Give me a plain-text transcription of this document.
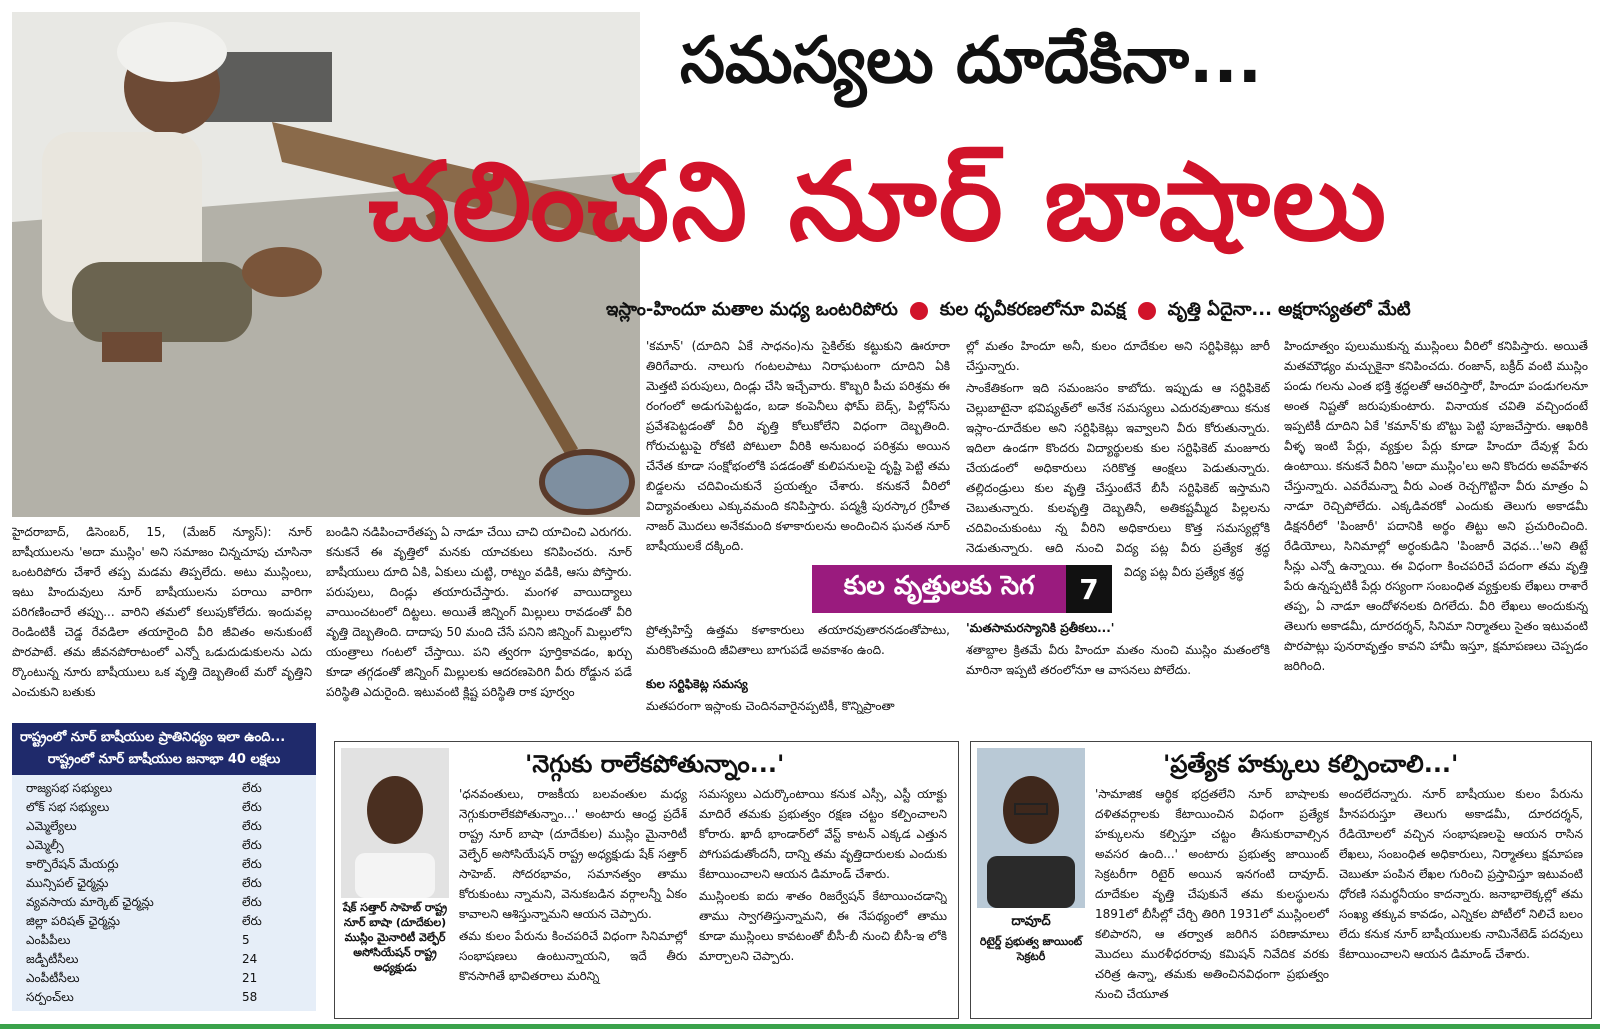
సమస్యలు దూదేకినా...
చలించని నూర్ బాషాలు
ఇస్లాం-హిందూ మతాల మధ్య ఒంటరిపోరు కుల ధృవీకరణలోనూ వివక్ష వృత్తి ఏదైనా... అక్షరాస్యతలో మేటి

హైదరాబాద్, డిసెంబర్, 15, (మేజర్ న్యూస్): నూర్ బాషీయులను 'అదా ముస్లిం' అని సమాజం చిన్నచూపు చూసినా ఒంటరిపోరు చేశారే తప్ప మడమ తిప్పలేదు. అటు ముస్లింలు, ఇటు హిందువులు నూర్ బాషీయులను పరాయి వారిగా పరిగణించారే తప్పు... వారిని తమలో కలుపుకోలేదు. ఇందువల్ల రెండింటికీ చెడ్డ రేవడిలా తయారైంది వీరి జీవితం అనుకుంటే పొరపాటే. తమ జీవనపోరాటంలో ఎన్నో ఒడుదుడుకులను ఎదు ర్కొంటున్న నూరు బాషీయులు ఒక వృత్తి దెబ్బతింటే మరో వృత్తిని ఎంచుకుని బతుకు

బండిని నడిపించారేతప్ప ఏ నాడూ చేయి చాచి యాచించి ఎరుగరు. కనుకనే ఈ వృత్తిలో మనకు యాచకులు కనిపించరు. నూర్ బాషీయులు దూది ఏకి, ఏకులు చుట్టి, రాట్నం వడికి, ఆసు పోస్తారు. పరుపులు, దిండ్లు తయారుచేస్తారు. మంగళ వాయిద్యాలు వాయించటంలో దిట్టలు. అయితే జిన్నింగ్ మిల్లులు రావడంతో వీరి వృత్తి దెబ్బతింది. దాదాపు 50 మంది చేసే పనిని జిన్నింగ్ మిల్లులోని యంత్రాలు గంటలో చేస్తాయి. పని త్వరగా పూర్తికావడం, ఖర్చు కూడా తగ్గడంతో జిన్నింగ్ మిల్లులకు ఆదరణపెరిగి వీరు రోడ్డున పడే పరిస్థితి ఎదురైంది. ఇటువంటి క్లిష్ట పరిస్థితి రాక పూర్వం

'కమాన్' (దూదిని ఏకే సాధనం)ను సైకిల్‌కు కట్టుకుని ఊరూరా తిరిగేవారు. నాలుగు గంటలపాటు నిరాఘటంగా దూదిని ఏకి మెత్తటి పరుపులు, దిండ్లు చేసి ఇచ్చేవారు. కొబ్బరి పీచు పరిశ్రమ ఈ రంగంలో అడుగుపెట్టడం, బడా కంపెనీలు ఫోమ్ బెడ్స్, పిల్లోస్‌ను ప్రవేశపెట్టడంతో వీరి వృత్తి కోలుకోలేని విధంగా దెబ్బతింది. గోరుచుట్టుపై రోకటి పోటులా వీరికి అనుబంధ పరిశ్రమ అయిన చేనేత కూడా సంక్షోభంలోకి పడడంతో కులిపనులపై దృష్టి పెట్టి తమ బిడ్డలను చదివించుకునే ప్రయత్నం చేశారు. కనుకనే వీరిలో విద్యావంతులు ఎక్కువమంది కనిపిస్తారు. పద్మశ్రీ పురస్కార గ్రహీత నాజర్ మొదలు అనేకమంది కళాకారులను అందించిన ఘనత నూర్ బాషీయులకే దక్కింది.

ప్రోత్సహిస్తే ఉత్తమ కళాకారులు తయారవుతారనడంతోపాటు, మరికొంతమంది జీవితాలు బాగుపడే అవకాశం ఉంది.

కుల సర్టిఫికెట్ల సమస్య

మతపరంగా ఇస్లాంకు చెందినవారైనప్పటికీ, కొన్నిప్రాంతా

ల్లో మతం హిందూ అనీ, కులం దూదేకుల అని సర్టిఫికెట్లు జారీ చేస్తున్నారు.

సాంకేతికంగా ఇది సమంజసం కాబోదు. ఇప్పుడు ఆ సర్టిఫికెట్ చెల్లుబాటైనా భవిష్యత్‌లో అనేక సమస్యలు ఎదురవుతాయి కనుక ఇస్లాం-దూదేకుల అని సర్టిఫికెట్లు ఇవ్వాలని వీరు కోరుతున్నారు. ఇదిలా ఉండగా కొందరు విద్యార్థులకు కుల సర్టిఫికెట్ మంజూరు చేయడంలో అధికారులు సరికొత్త ఆంక్షలు పెడుతున్నారు. తల్లిదండ్రులు కుల వృత్తి చేస్తుంటేనే బీసీ సర్టిఫికెట్ ఇస్తామని చెబుతున్నారు. కులవృత్తి దెబ్బతినీ, అతికష్టమ్మీద పిల్లలను చదివించుకుంటు న్న వీరిని అధికారులు కొత్త సమస్యల్లోకి నెడుతున్నారు. ఆది నుంచి విద్య పట్ల వీరు ప్రత్యేక శ్రద్ధ

విద్య పట్ల వీరు ప్రత్యేక శ్రద్ధ

'మతసామరస్యానికి ప్రతీకలు...'

శతాబ్దాల క్రితమే వీరు హిందూ మతం నుంచి ముస్లిం మతంలోకి మారినా ఇప్పటి తరంలోనూ ఆ వాసనలు పోలేదు.

హిందూత్వం పులుముకున్న ముస్లింలు వీరిలో కనిపిస్తారు. అయితే మతమౌఢ్యం మచ్చుకైనా కనిపించదు. రంజాన్, బక్రీద్ వంటి ముస్లిం పండు గలను ఎంత భక్తి శ్రద్ధలతో ఆచరిస్తారో, హిందూ పండుగలనూ అంత నిష్టతో జరుపుకుంటారు. వినాయక చవితి వచ్చిందంటే ఇప్పటికీ దూదిని ఏకే 'కమాన్'కు బొట్టు పెట్టి పూజచేస్తారు. ఆఖరికి వీళ్ళ ఇంటి పేర్లు, వ్యక్తుల పేర్లు కూడా హిందూ దేవుళ్ల పేరు ఉంటాయి. కనుకనే వీరిని 'అదా ముస్లిం'లు అని కొందరు అవహేళన చేస్తున్నారు. ఎవరేమన్నా వీరు ఎంత రెచ్చగొట్టినా వీరు మాత్రం ఏ నాడూ రెచ్చిపోలేదు. ఎక్కడివరకో ఎందుకు తెలుగు అకాడమీ డిక్షనరీలో 'పింజారీ' పదానికి అర్థం తిట్టు అని ప్రచురించింది. రేడియోలు, సినిమాల్లో అర్ధంకుడిని 'పింజారీ వెధవ...'అని తిట్టే సీన్లు ఎన్నో ఉన్నాయి. ఈ విధంగా కించపరిచే పదంగా తమ వృత్తి పేరు ఉన్నప్పటికీ పేర్లు రస్యంగా సంబంధిత వ్యక్తులకు లేఖలు రాశారే తప్ప, ఏ నాడూ ఆందోళనలకు దిగలేదు. వీరి లేఖలు అందుకున్న తెలుగు అకాడమీ, దూరదర్శన్, సినిమా నిర్మాతలు సైతం ఇటువంటి పొరపాట్లు పునరావృత్తం కావని హామీ ఇస్తూ, క్షమాపణలు చెప్పడం జరిగింది.

కుల వృత్తులకు సెగ	7
రాష్ట్రంలో నూర్ బాషీయుల ప్రాతినిధ్యం ఇలా ఉంది...
రాష్ట్రంలో నూర్ బాషీయుల జనాభా 40 లక్షలు
రాజ్యసభ సభ్యులు	లేరు
లోక్ సభ సభ్యులు	లేరు
ఎమ్మెల్యేలు	లేరు
ఎమ్మెల్సీ	లేరు
కార్పొరేషన్ మేయర్లు	లేరు
మున్సిపల్ ఛైర్మన్లు	లేరు
వ్యవసాయ మార్కెట్ ఛైర్మన్లు	లేరు
జిల్లా పరిషత్ ఛైర్మన్లు	లేరు
ఎంపీపీలు	5
జడ్పీటీసీలు	24
ఎంపీటీసీలు	21
సర్పంచ్‌లు	58
'నెగ్గుకు రాలేకపోతున్నాం...'
షేక్ సత్తార్ సాహెబ్ రాష్ట్ర నూర్ బాషా (దూదేకుల) ముస్లిం మైనారిటీ వెల్ఫేర్ అసోసియేషన్ రాష్ట్ర అధ్యక్షుడు

'ధనవంతులు, రాజకీయ బలవంతుల మధ్య నెగ్గుకురాలేకపోతున్నాం...' అంటారు ఆంధ్ర ప్రదేశ్ రాష్ట్ర నూర్ బాషా (దూదేకుల) ముస్లిం మైనారిటీ వెల్ఫేర్ అసోసియేషన్ రాష్ట్ర అధ్యక్షుడు షేక్ సత్తార్ సాహెబ్. సోదరభావం, సమానత్వం తాము కోరుకుంటు న్నామని, వెనుకబడిన వర్గాలన్నీ ఏకం కావాలని ఆశిస్తున్నామని ఆయన చెప్పారు.

తమ కులం పేరును కించపరిచే విధంగా సినిమాల్లో సంభాషణలు ఉంటున్నాయని, ఇదే తీరు కొనసాగితే భావితరాలు మరిన్ని

సమస్యలు ఎదుర్కొంటాయి కనుక ఎస్సీ, ఎస్టీ యాక్టు మాదిరే తమకు ప్రభుత్వం రక్షణ చట్టం కల్పించాలని కోరారు. ఖాదీ భాండార్‌లో వేస్ట్ కాటన్ ఎక్కడ ఎత్తున పోగుపడుతోందనీ, దాన్ని తమ వృత్తిదారులకు ఎందుకు కేటాయించాలని ఆయన డిమాండ్ చేశారు.

ముస్లింలకు ఐదు శాతం రిజర్వేషన్ కేటాయించడాన్ని తాము స్వాగతిస్తున్నామని, ఈ నేపథ్యంలో తాము కూడా ముస్లింలు కావటంతో బీసీ-బీ నుంచి బీసీ-ఇ లోకి మార్చాలని చెప్పారు.

'ప్రత్యేక హక్కులు కల్పించాలి...'
దావూద్
రిటైర్డ్ ప్రభుత్వ జాయింట్ సెక్రటరీ

'సామాజిక ఆర్థిక భద్రతలేని నూర్ బాషాలకు దళితవర్గాలకు కేటాయించిన విధంగా ప్రత్యేక హక్కులను కల్పిస్తూ చట్టం తీసుకురావాల్సిన అవసర ఉంది...' అంటారు ప్రభుత్వ జాయింట్ సెక్రటరీగా రిటైర్ అయిన ఇనగంటి దావూద్. దూదేకుల వృత్తి చేపుకునే తమ కులస్థులను 1891లో బీసీల్లో చేర్చి తిరిగి 1931లో ముస్లింలలో కలిపారని, ఆ తర్వాత జరిగిన పరిణామాలు మొదలు మురళీధరరావు కమిషన్ నివేదిక వరకు చరిత్ర ఉన్నా, తమకు అతించినవిధంగా ప్రభుత్వం నుంచి చేయూత

అందలేదన్నారు. నూర్ బాషీయుల కులం పేరును హీనపరుస్తూ తెలుగు అకాడమీ, దూరదర్శన్, రేడియోలలో వచ్చిన సంభాషణలపై ఆయన రాసిన లేఖలు, సంబంధిత అధికారులు, నిర్మాతలు క్షమాపణ చెబుతూ పంపిన లేఖల గురించి ప్రస్తావిస్తూ ఇటువంటి ధోరణి సమర్థనీయం కాదన్నారు. జనాభాలెక్కల్లో తమ సంఖ్య తక్కువ కావడం, ఎన్నికల పోటీలో నిలిచే బలం లేదు కనుక నూర్ బాషీయులకు నామినేటెడ్ పదవులు కేటాయించాలని ఆయన డిమాండ్ చేశారు.
